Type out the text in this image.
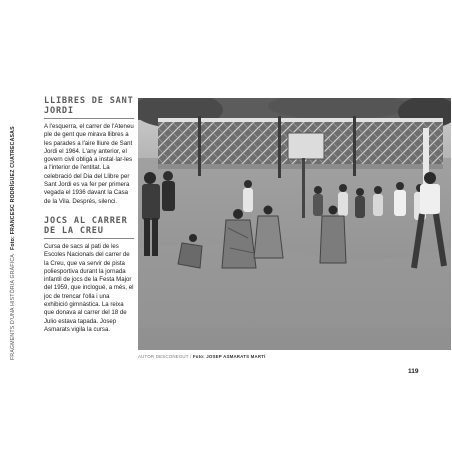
FRAGMENTS D'UNA HISTÒRIA GRÀFICA
Foto: FRANCESC RODRÍGUEZ CUATRECASAS
LLIBRES DE SANT JORDI

A l'esquerra, el carrer de l'Ateneu ple de gent que mirava llibres a les parades a l'aire lliure de Sant Jordi el 1964. L'any anterior, el govern civil obligà a instal·lar-les a l'interior de l'entitat. La celebració del Dia del Llibre per Sant Jordi es va fer per primera vegada el 1936 davant la Casa de la Vila. Després, silenci.

JOCS AL CARRER DE LA CREU

Cursa de sacs al pati de les Escoles Nacionals del carrer de la Creu, que va servir de pista poliesportiva durant la jornada infantil de jocs de la Festa Major del 1959, que inclogué, a més, el joc de trencar l'olla i una exhibició gimnàstica. La reixa que donava al carrer del 18 de Julio estava tapada. Josep Asmarats vigila la cursa.

AUTOR DESCONEGUT / Foto: JOSEP ASMARATS MARTÍ
119
